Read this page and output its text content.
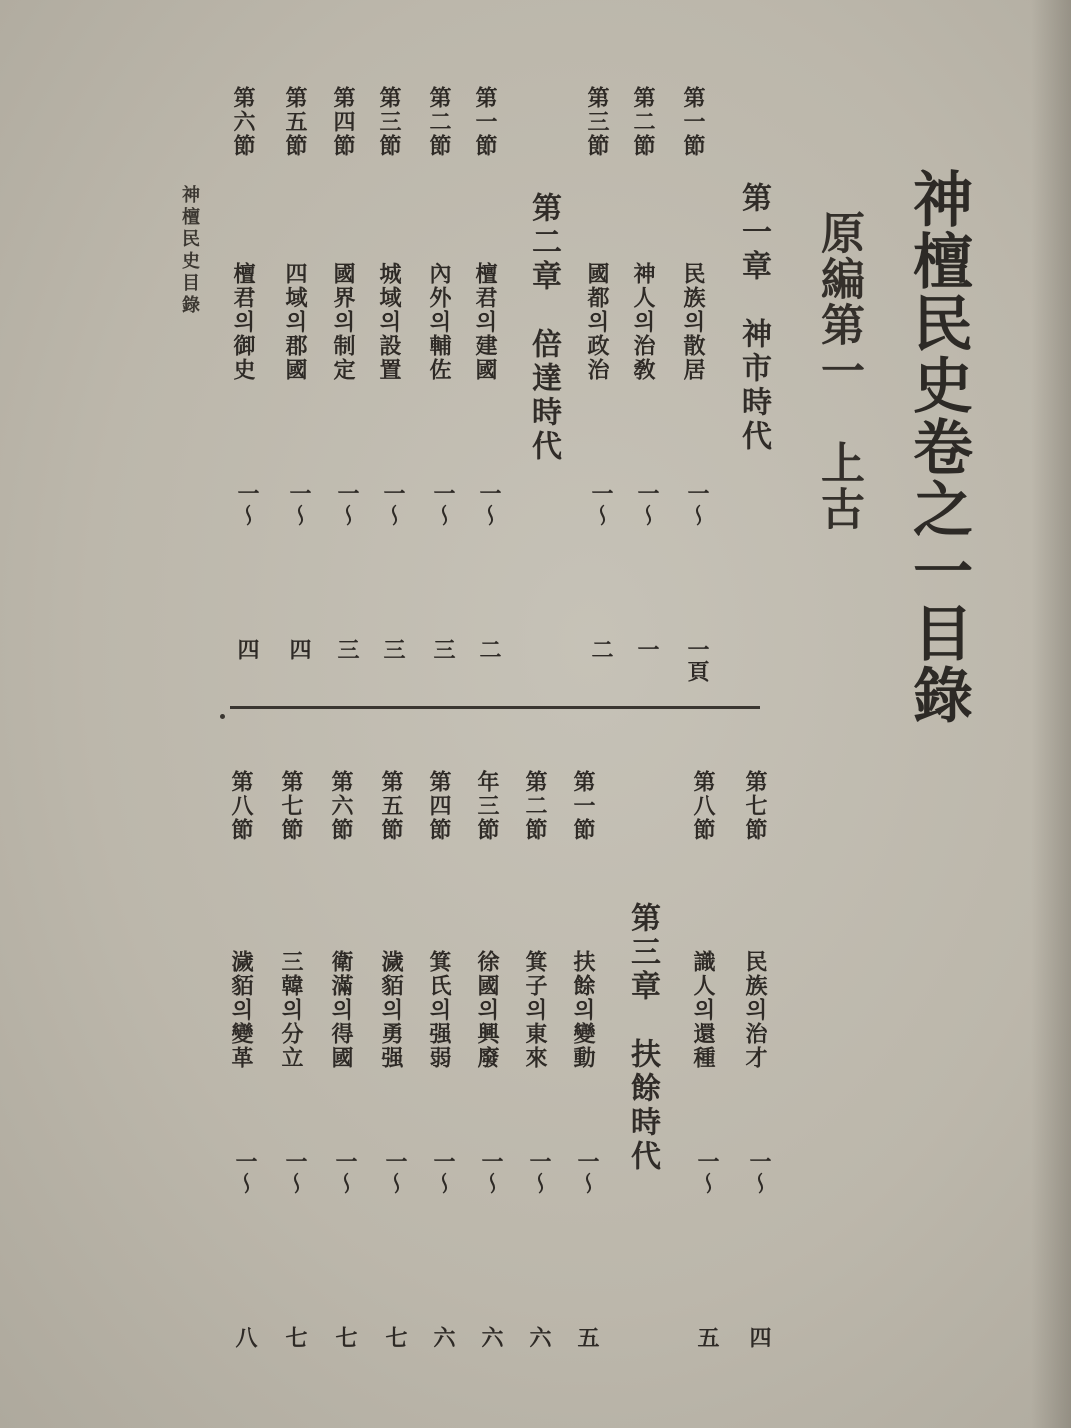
神檀民史卷之一目錄
原編第一　上古
第一章　神市時代
第一節
民族의散居
一〜
一頁
第二節
神人의治敎
一〜
一
第三節
國都의政治
一〜
二
第二章　倍達時代
第一節
檀君의建國
一〜
二
第二節
內外의輔佐
一〜
三
第三節
城域의設置
一〜
三
第四節
國界의制定
一〜
三
第五節
四域의郡國
一〜
四
第六節
檀君의御史
一〜
四
神檀民史目錄
第七節
民族의治才
一〜
四
第八節
識人의還種
一〜
五
第三章　扶餘時代
第一節
扶餘의變動
一〜
五
第二節
箕子의東來
一〜
六
年三節
徐國의興廢
一〜
六
第四節
箕氏의强弱
一〜
六
第五節
濊貊의勇强
一〜
七
第六節
衛滿의得國
一〜
七
第七節
三韓의分立
一〜
七
第八節
濊貊의變革
一〜
八
